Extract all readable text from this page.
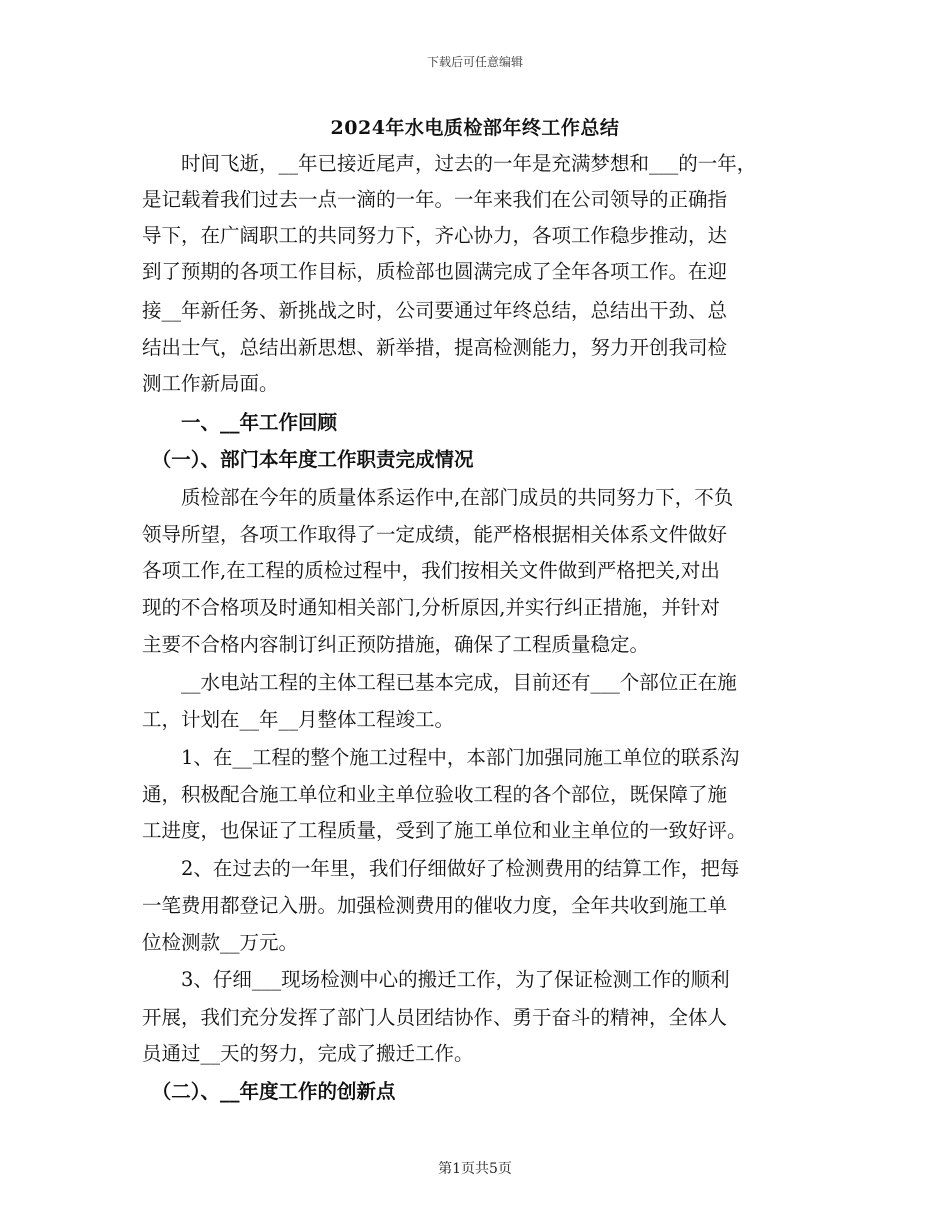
下载后可任意编辑
2024年水电质检部年终工作总结
　　时间飞逝，__年已接近尾声，过去的一年是充满梦想和___的一年，
是记载着我们过去一点一滴的一年。一年来我们在公司领导的正确指
导下，在广阔职工的共同努力下，齐心协力，各项工作稳步推动，达
到了预期的各项工作目标，质检部也圆满完成了全年各项工作。在迎
接__年新任务、新挑战之时，公司要通过年终总结，总结出干劲、总
结出士气，总结出新思想、新举措，提高检测能力，努力开创我司检
测工作新局面。
　　一、__年工作回顾
　（一）、部门本年度工作职责完成情况
　　质检部在今年的质量体系运作中,在部门成员的共同努力下，不负
领导所望，各项工作取得了一定成绩，能严格根据相关体系文件做好
各项工作,在工程的质检过程中，我们按相关文件做到严格把关,对出
现的不合格项及时通知相关部门,分析原因,并实行纠正措施，并针对
主要不合格内容制订纠正预防措施，确保了工程质量稳定。
　　__水电站工程的主体工程已基本完成，目前还有___个部位正在施
工，计划在__年__月整体工程竣工。
　　1、在__工程的整个施工过程中，本部门加强同施工单位的联系沟
通，积极配合施工单位和业主单位验收工程的各个部位，既保障了施
工进度，也保证了工程质量，受到了施工单位和业主单位的一致好评。
　　2、在过去的一年里，我们仔细做好了检测费用的结算工作，把每
一笔费用都登记入册。加强检测费用的催收力度，全年共收到施工单
位检测款__万元。
　　3、仔细___现场检测中心的搬迁工作，为了保证检测工作的顺利
开展，我们充分发挥了部门人员团结协作、勇于奋斗的精神，全体人
员通过__天的努力，完成了搬迁工作。
　（二）、__年度工作的创新点
第1页共5页
